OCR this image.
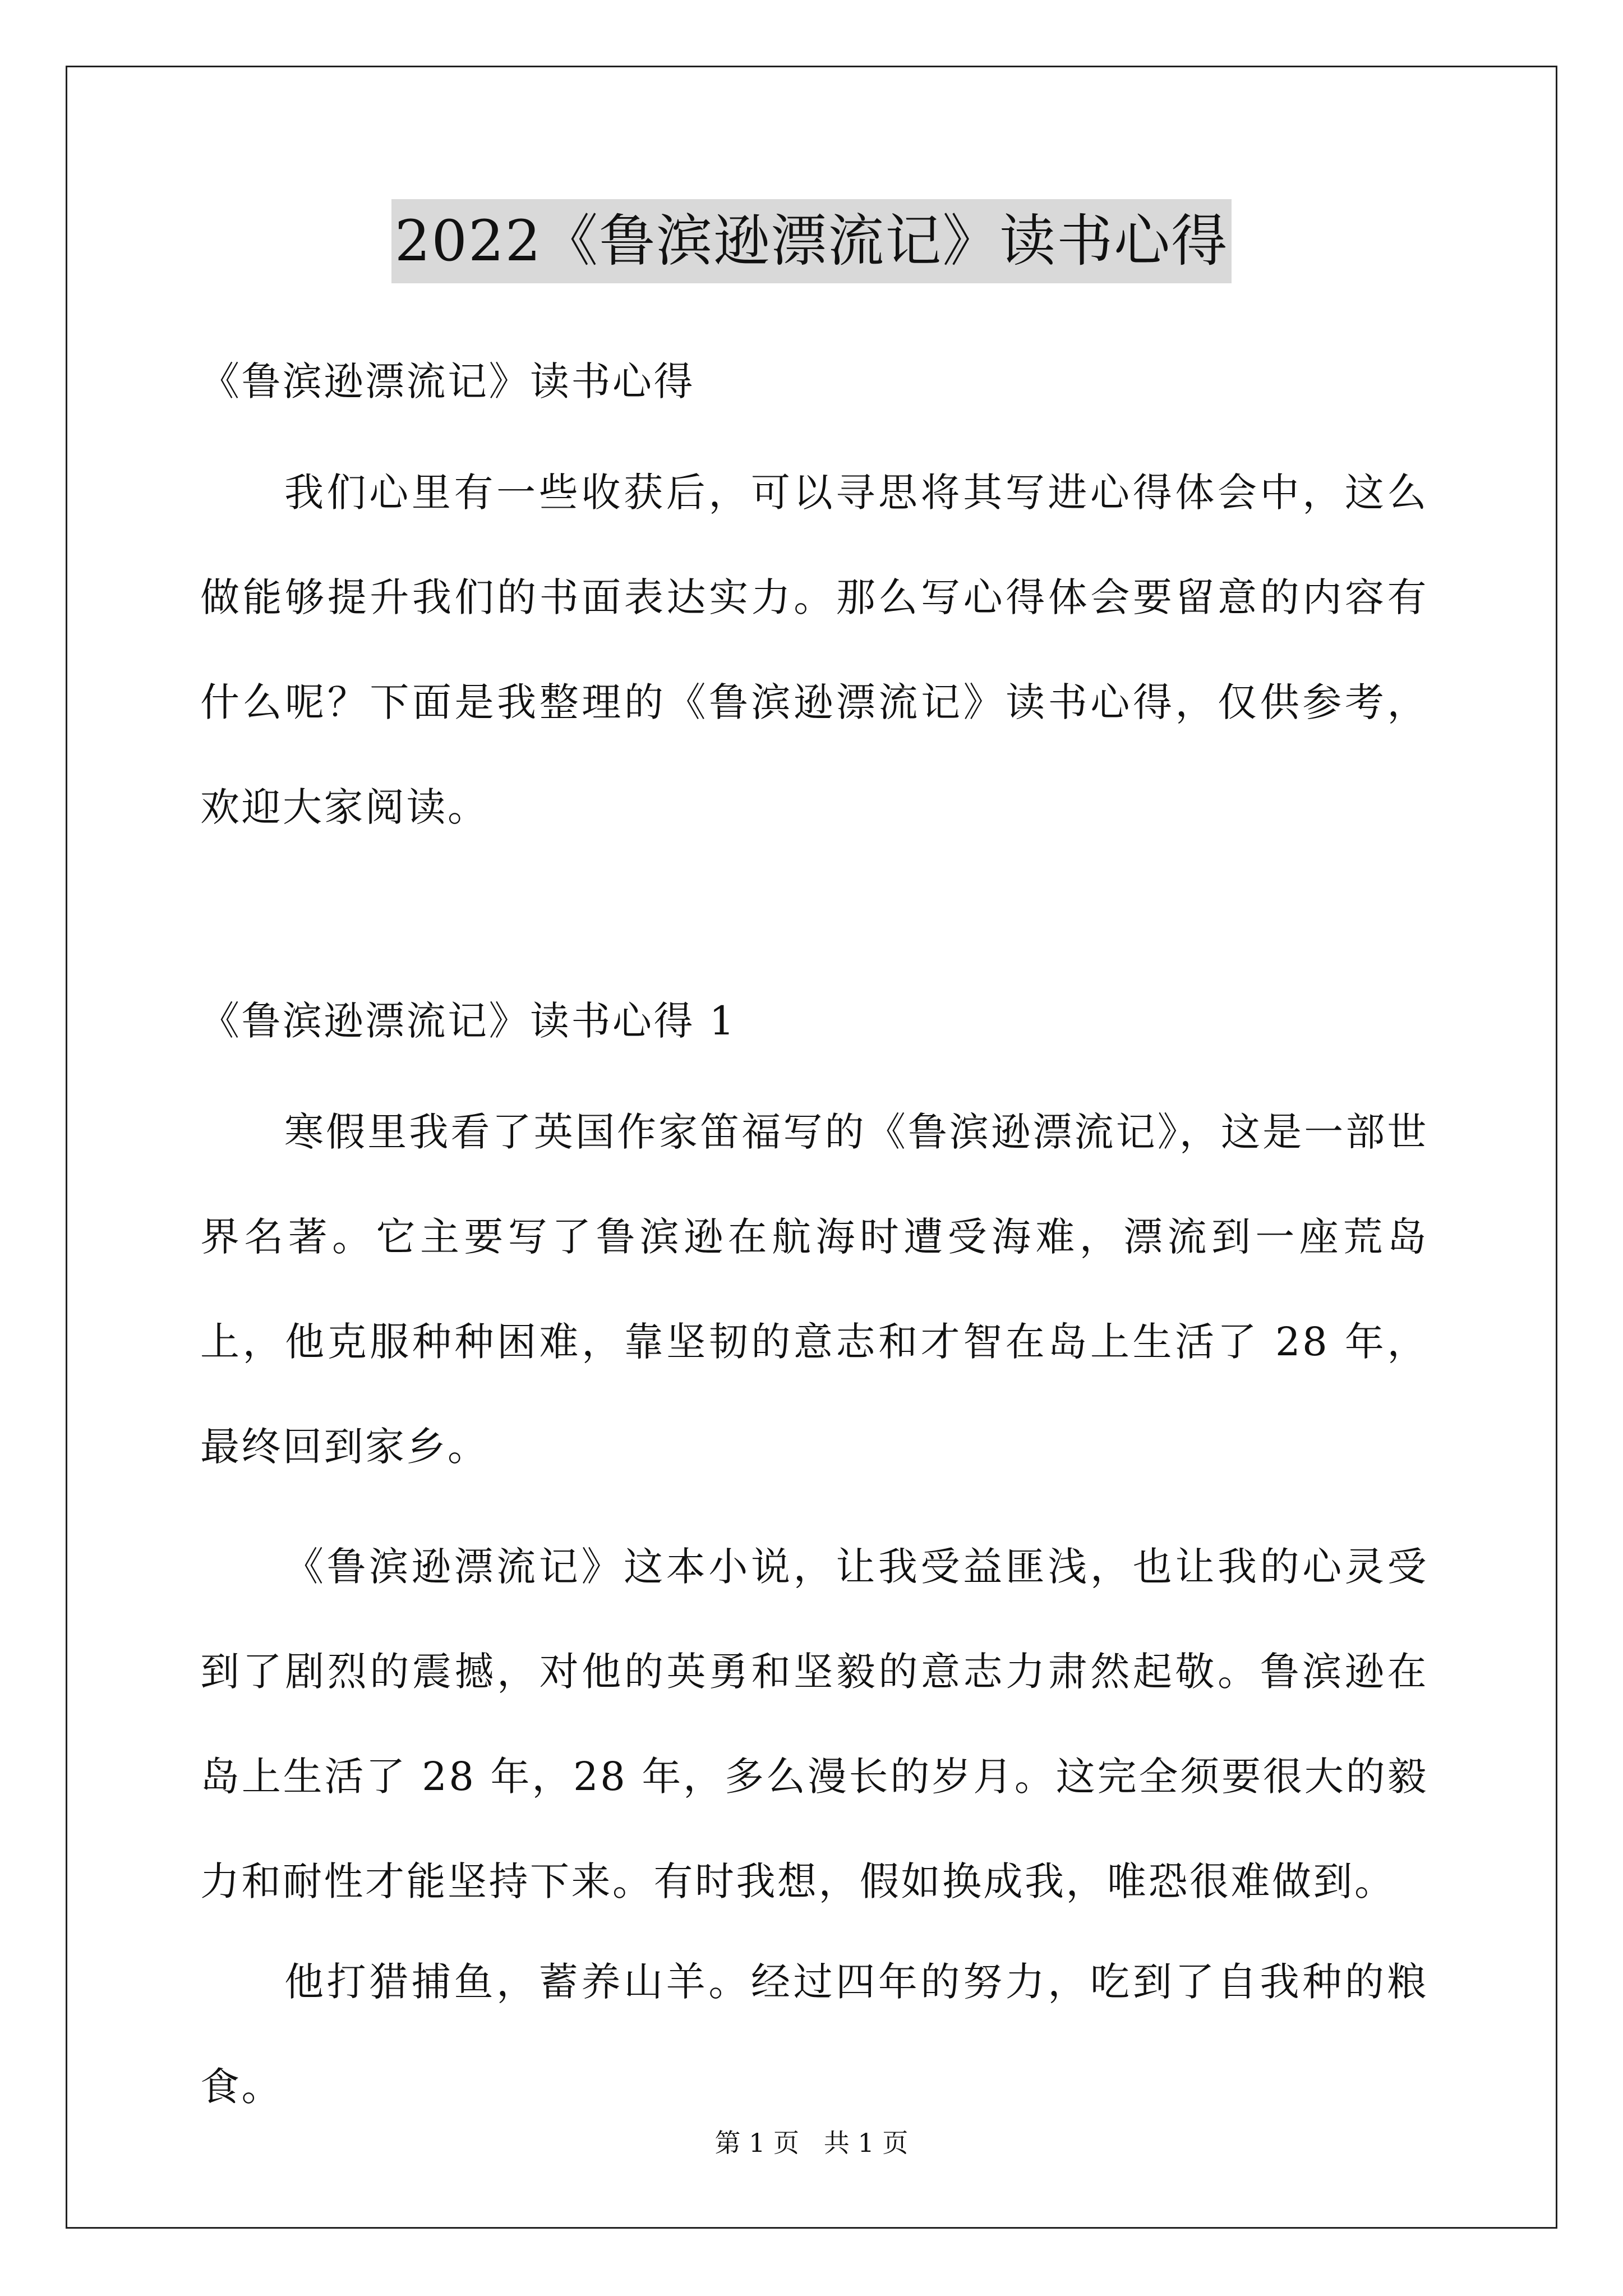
2022《鲁滨逊漂流记》读书心得

《鲁滨逊漂流记》读书心得

我们心里有一些收获后，可以寻思将其写进心得体会中，这么做能够提升我们的书面表达实力。那么写心得体会要留意的内容有什么呢？下面是我整理的《鲁滨逊漂流记》读书心得，仅供参考，欢迎大家阅读。

《鲁滨逊漂流记》读书心得 1

寒假里我看了英国作家笛福写的《鲁滨逊漂流记》，这是一部世界名著。它主要写了鲁滨逊在航海时遭受海难，漂流到一座荒岛上，他克服种种困难，靠坚韧的意志和才智在岛上生活了 28 年，最终回到家乡。

《鲁滨逊漂流记》这本小说，让我受益匪浅，也让我的心灵受到了剧烈的震撼，对他的英勇和坚毅的意志力肃然起敬。鲁滨逊在岛上生活了 28 年，28 年，多么漫长的岁月。这完全须要很大的毅力和耐性才能坚持下来。有时我想，假如换成我，唯恐很难做到。

他打猎捕鱼，蓄养山羊。经过四年的努力，吃到了自我种的粮食。

第 1 页   共 1 页
